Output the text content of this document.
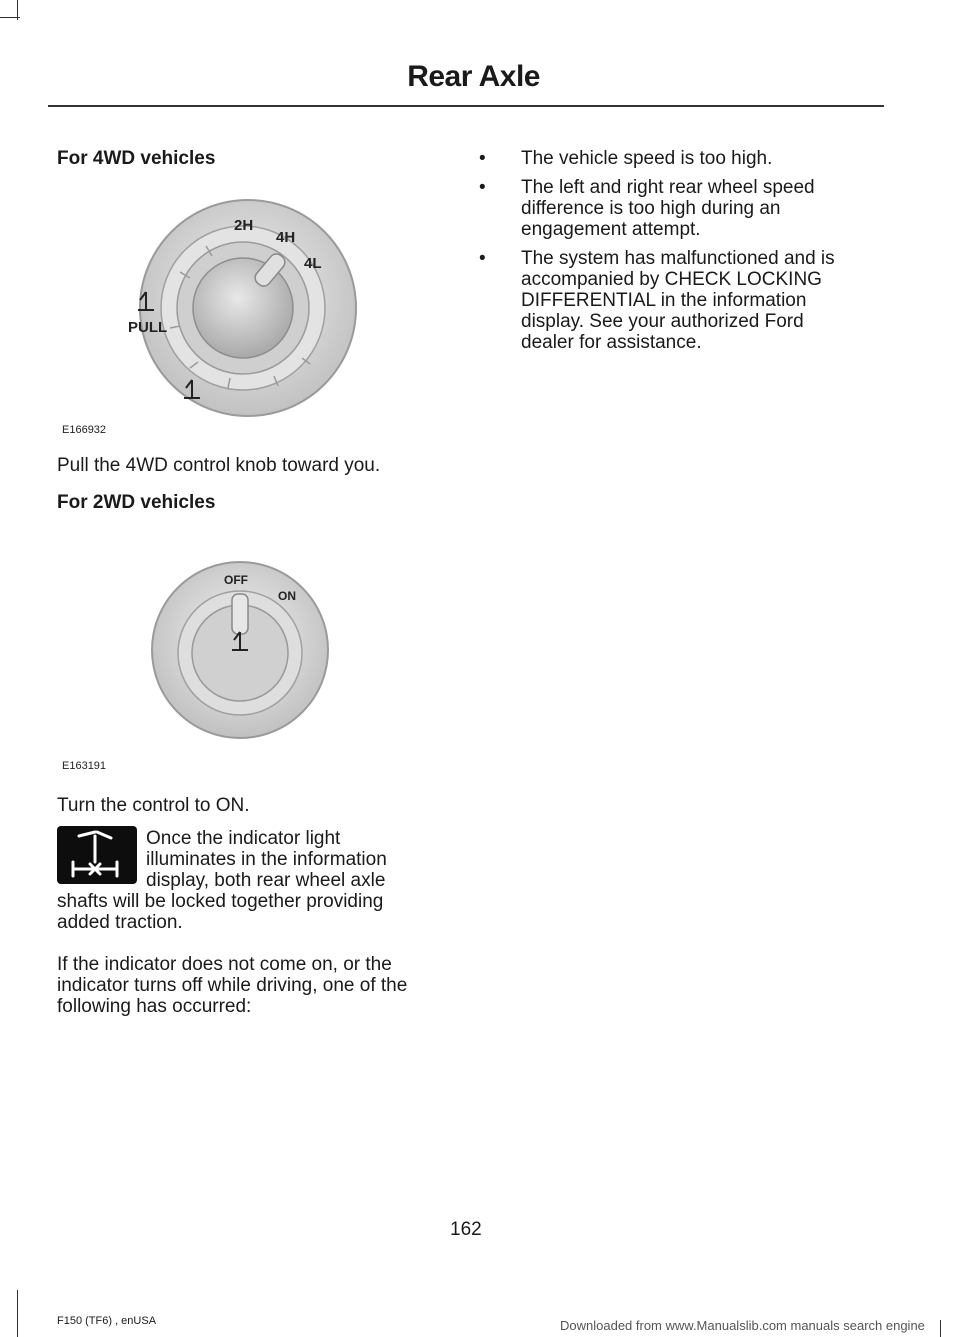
Rear Axle
For 4WD vehicles
2H
4H
4L
PULL
E166932
Pull the 4WD control knob toward you.
For 2WD vehicles
OFF
ON
E163191
Turn the control to ON.
Once the indicator light
illuminates in the information
display, both rear wheel axle
shafts will be locked together providing
added traction.
If the indicator does not come on, or the
indicator turns off while driving, one of the
following has occurred:
• The vehicle speed is too high.
• The left and right rear wheel speed
difference is too high during an
engagement attempt.
• The system has malfunctioned and is
accompanied by CHECK LOCKING
DIFFERENTIAL in the information
display. See your authorized Ford
dealer for assistance.
162
F150 (TF6) , enUSA	Downloaded from www.Manualslib.com manuals search engine
